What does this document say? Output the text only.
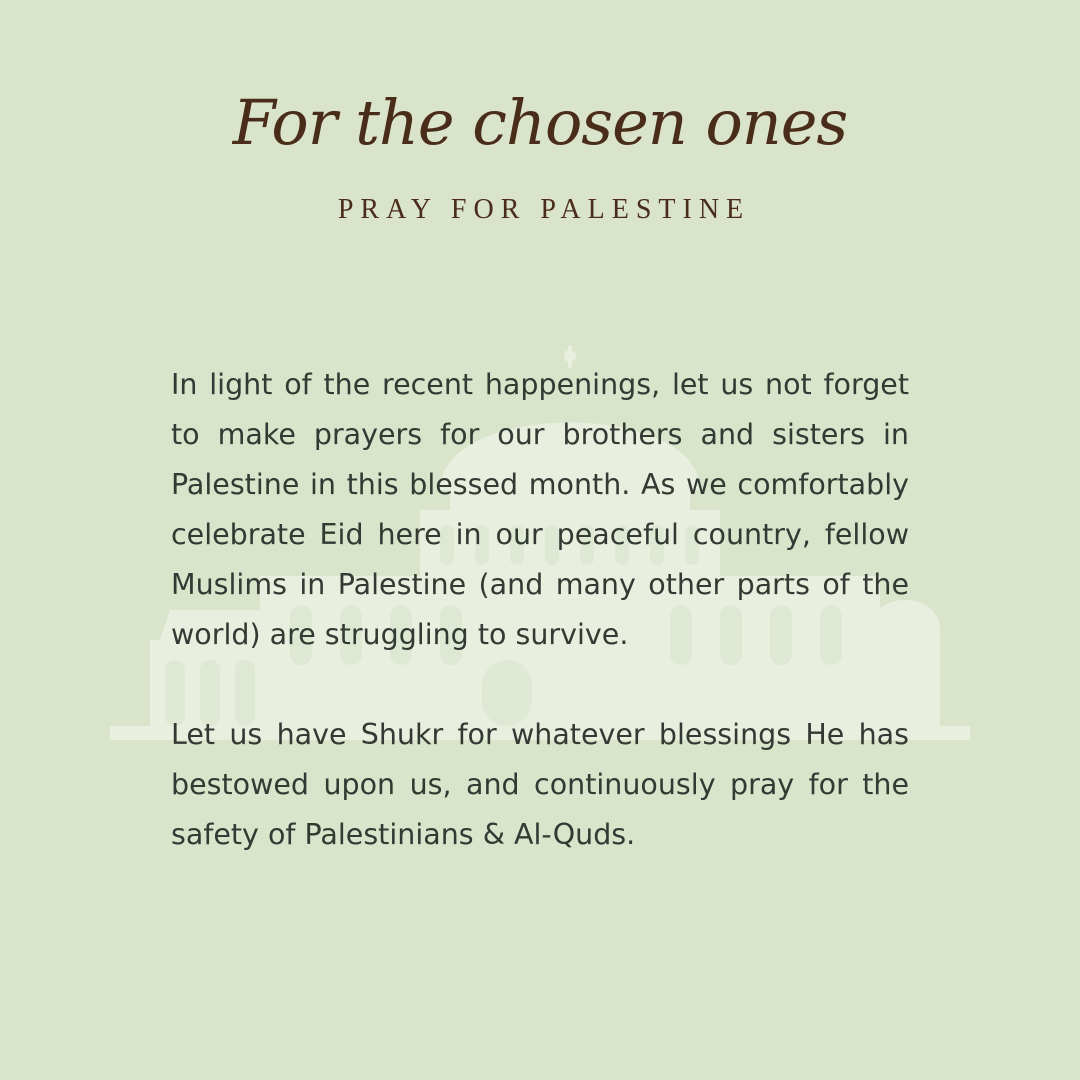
For the chosen ones
PRAY FOR PALESTINE

In light of the recent happenings, let us not forget to make prayers for our brothers and sisters in Palestine in this blessed month. As we comfortably celebrate Eid here in our peaceful country, fellow Muslims in Palestine (and many other parts of the world) are struggling to survive.

Let us have Shukr for whatever blessings He has bestowed upon us, and continuously pray for the safety of Palestinians & Al-Quds.
